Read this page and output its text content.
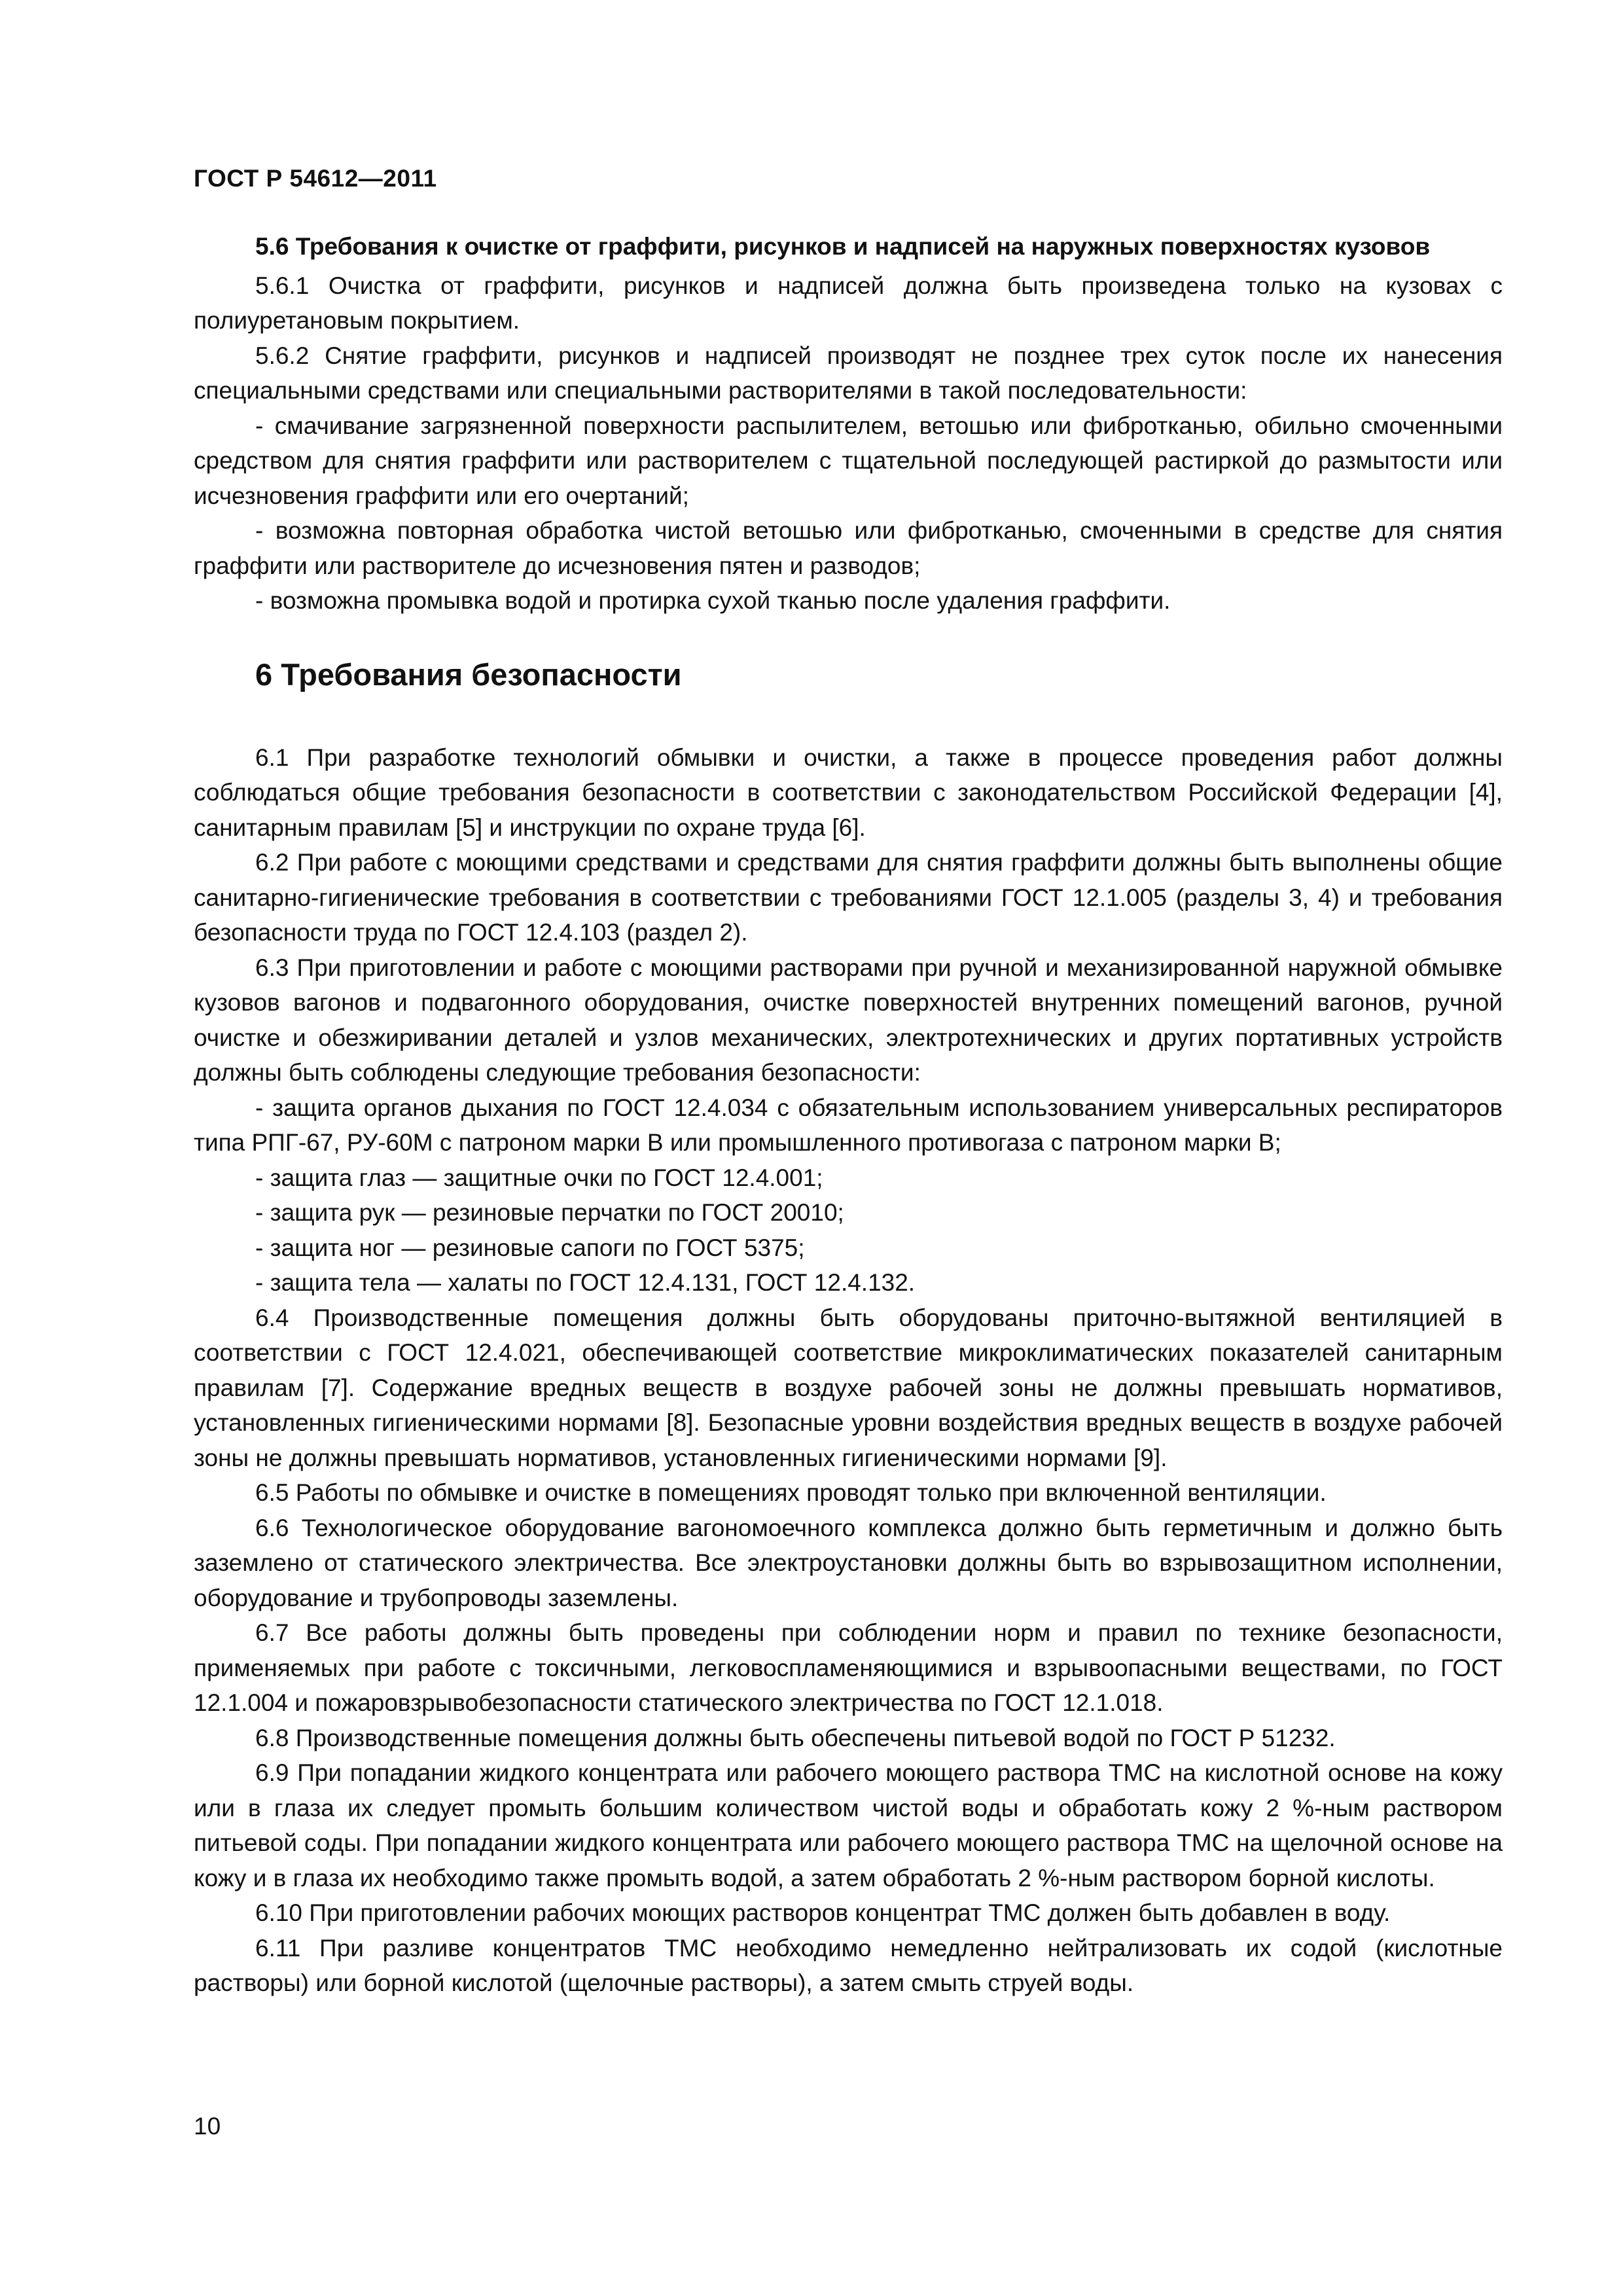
ГОСТ Р 54612—2011
5.6 Требования к очистке от граффити, рисунков и надписей на наружных поверхностях кузовов

5.6.1 Очистка от граффити, рисунков и надписей должна быть произведена только на кузовах с полиуретановым покрытием.

5.6.2 Снятие граффити, рисунков и надписей производят не позднее трех суток после их нанесения специальными средствами или специальными растворителями в такой последовательности:

- смачивание загрязненной поверхности распылителем, ветошью или фибротканью, обильно смоченными средством для снятия граффити или растворителем с тщательной последующей растиркой до размытости или исчезновения граффити или его очертаний;

- возможна повторная обработка чистой ветошью или фибротканью, смоченными в средстве для снятия граффити или растворителе до исчезновения пятен и разводов;

- возможна промывка водой и протирка сухой тканью после удаления граффити.

6 Требования безопасности

6.1 При разработке технологий обмывки и очистки, а также в процессе проведения работ должны соблюдаться общие требования безопасности в соответствии с законодательством Российской Федерации [4], санитарным правилам [5] и инструкции по охране труда [6].

6.2 При работе с моющими средствами и средствами для снятия граффити должны быть выполнены общие санитарно-гигиенические требования в соответствии с требованиями ГОСТ 12.1.005 (разделы 3, 4) и требования безопасности труда по ГОСТ 12.4.103 (раздел 2).

6.3 При приготовлении и работе с моющими растворами при ручной и механизированной наружной обмывке кузовов вагонов и подвагонного оборудования, очистке поверхностей внутренних помещений вагонов, ручной очистке и обезжиривании деталей и узлов механических, электротехнических и других портативных устройств должны быть соблюдены следующие требования безопасности:

- защита органов дыхания по ГОСТ 12.4.034 с обязательным использованием универсальных респираторов типа РПГ-67, РУ-60М с патроном марки В или промышленного противогаза с патроном марки В;

- защита глаз — защитные очки по ГОСТ 12.4.001;

- защита рук — резиновые перчатки по ГОСТ 20010;

- защита ног — резиновые сапоги по ГОСТ 5375;

- защита тела — халаты по ГОСТ 12.4.131, ГОСТ 12.4.132.

6.4 Производственные помещения должны быть оборудованы приточно-вытяжной вентиляцией в соответствии с ГОСТ 12.4.021, обеспечивающей соответствие микроклиматических показателей санитарным правилам [7]. Содержание вредных веществ в воздухе рабочей зоны не должны превышать нормативов, установленных гигиеническими нормами [8]. Безопасные уровни воздействия вредных веществ в воздухе рабочей зоны не должны превышать нормативов, установленных гигиеническими нормами [9].

6.5 Работы по обмывке и очистке в помещениях проводят только при включенной вентиляции.

6.6 Технологическое оборудование вагономоечного комплекса должно быть герметичным и должно быть заземлено от статического электричества. Все электроустановки должны быть во взрывозащитном исполнении, оборудование и трубопроводы заземлены.

6.7 Все работы должны быть проведены при соблюдении норм и правил по технике безопасности, применяемых при работе с токсичными, легковоспламеняющимися и взрывоопасными веществами, по ГОСТ 12.1.004 и пожаровзрывобезопасности статического электричества по ГОСТ 12.1.018.

6.8 Производственные помещения должны быть обеспечены питьевой водой по ГОСТ Р 51232.

6.9 При попадании жидкого концентрата или рабочего моющего раствора ТМС на кислотной основе на кожу или в глаза их следует промыть большим количеством чистой воды и обработать кожу 2 %-ным раствором питьевой соды. При попадании жидкого концентрата или рабочего моющего раствора ТМС на щелочной основе на кожу и в глаза их необходимо также промыть водой, а затем обработать 2 %-ным раствором борной кислоты.

6.10 При приготовлении рабочих моющих растворов концентрат ТМС должен быть добавлен в воду.

6.11 При разливе концентратов ТМС необходимо немедленно нейтрализовать их содой (кислотные растворы) или борной кислотой (щелочные растворы), а затем смыть струей воды.

10
